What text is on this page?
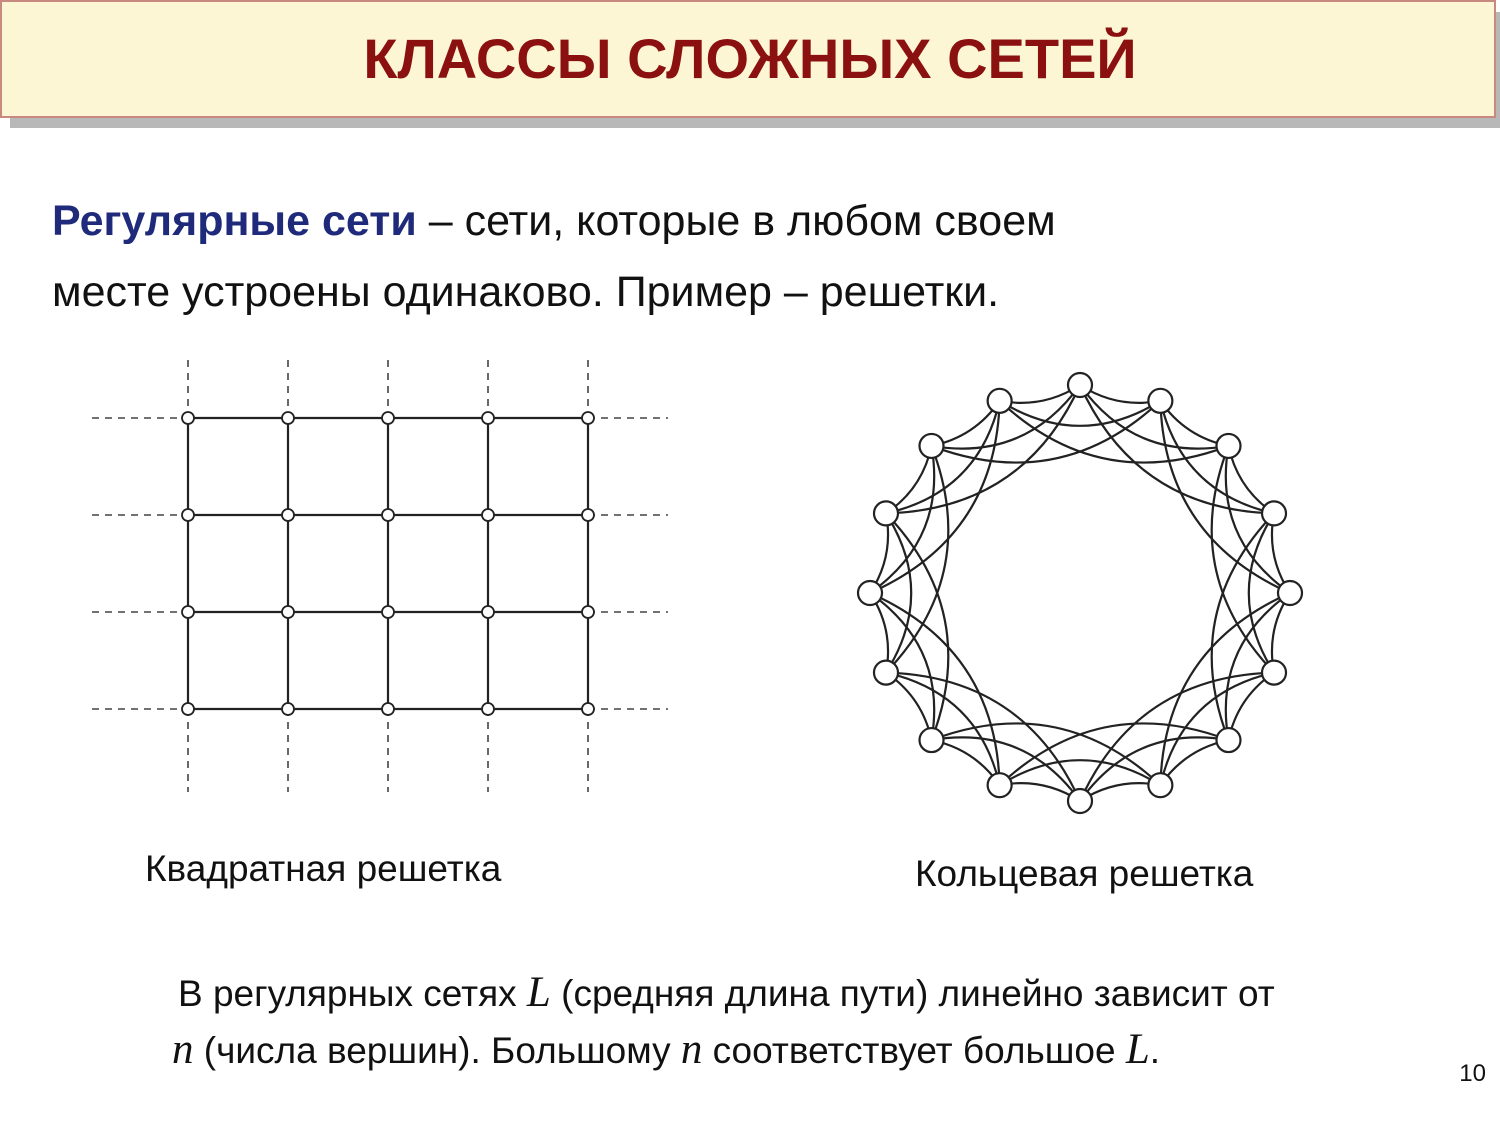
КЛАССЫ СЛОЖНЫХ СЕТЕЙ
Регулярные сети – сети, которые в любом своем
месте устроены одинаково. Пример – решетки.
Квадратная решетка	Кольцевая решетка
В регулярных сетях L (средняя длина пути) линейно зависит от
n (числа вершин). Большому n соответствует большое L.
10
